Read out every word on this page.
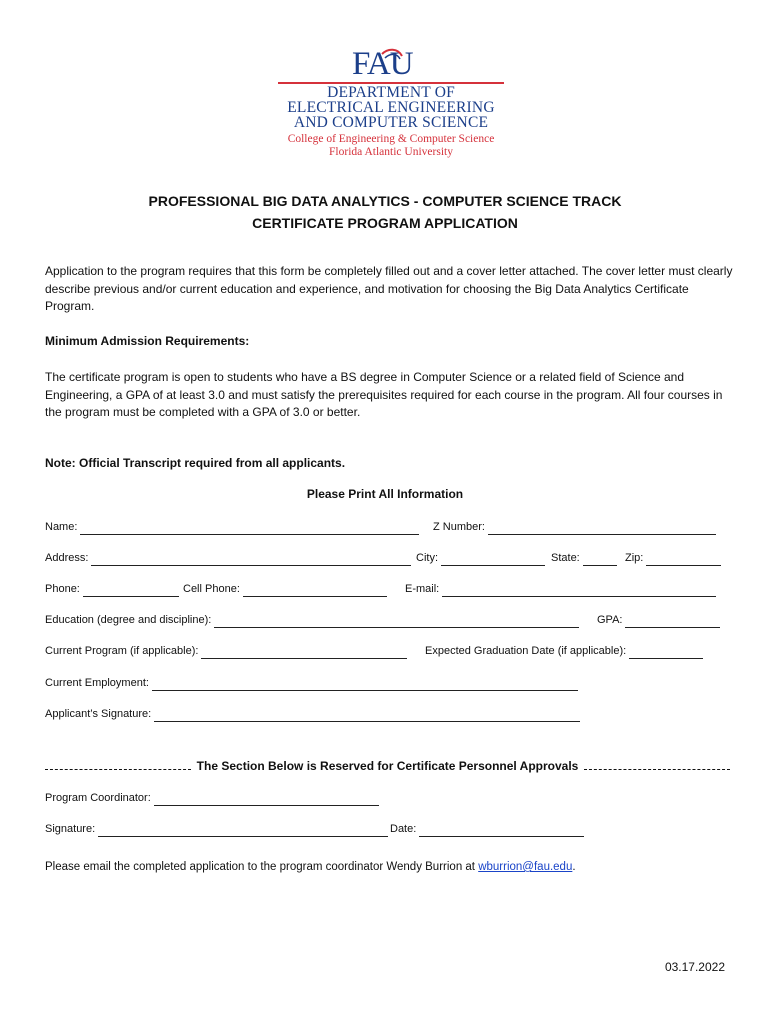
FAU
DEPARTMENT OF
ELECTRICAL ENGINEERING
AND COMPUTER SCIENCE
College of Engineering & Computer Science
Florida Atlantic University
PROFESSIONAL BIG DATA ANALYTICS - COMPUTER SCIENCE TRACK
CERTIFICATE PROGRAM APPLICATION

Application to the program requires that this form be completely filled out and a cover letter attached. The cover letter must clearly describe previous and/or current education and experience, and motivation for choosing the Big Data Analytics Certificate Program.

Minimum Admission Requirements:

The certificate program is open to students who have a BS degree in Computer Science or a related field of Science and Engineering, a GPA of at least 3.0 and must satisfy the prerequisites required for each course in the program. All four courses in the program must be completed with a GPA of 3.0 or better.

Note: Official Transcript required from all applicants.

Please Print All Information
Name:	Z Number:
Address:	City:	State:	Zip:
Phone:	Cell Phone:	E-mail:
Education (degree and discipline):	GPA:
Current Program (if applicable):	Expected Graduation Date (if applicable):
Current Employment:
Applicant’s Signature:
The Section Below is Reserved for Certificate Personnel Approvals
Program Coordinator:
Signature:	Date:

Please email the completed application to the program coordinator Wendy Burrion at wburrion@fau.edu.

03.17.2022
